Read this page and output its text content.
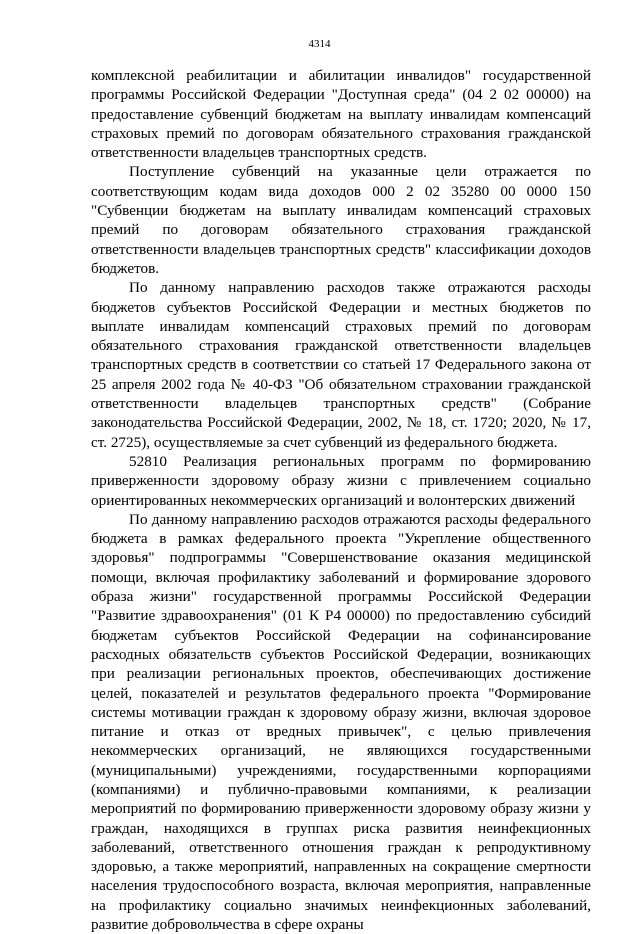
4314

комплексной реабилитации и абилитации инвалидов" государственной программы Российской Федерации "Доступная среда" (04 2 02 00000) на предоставление субвенций бюджетам на выплату инвалидам компенсаций страховых премий по договорам обязательного страхования гражданской ответственности владельцев транспортных средств.

Поступление субвенций на указанные цели отражается по соответствующим кодам вида доходов 000 2 02 35280 00 0000 150 "Субвенции бюджетам на выплату инвалидам компенсаций страховых премий по договорам обязательного страхования гражданской ответственности владельцев транспортных средств" классификации доходов бюджетов.

По данному направлению расходов также отражаются расходы бюджетов субъектов Российской Федерации и местных бюджетов по выплате инвалидам компенсаций страховых премий по договорам обязательного страхования гражданской ответственности владельцев транспортных средств в соответствии со статьей 17 Федерального закона от 25 апреля 2002 года № 40-ФЗ "Об обязательном страховании гражданской ответственности владельцев транспортных средств" (Собрание законодательства Российской Федерации, 2002, № 18, ст. 1720; 2020, № 17, ст. 2725), осуществляемые за счет субвенций из федерального бюджета.

52810 Реализация региональных программ по формированию приверженности здоровому образу жизни с привлечением социально ориентированных некоммерческих организаций и волонтерских движений

По данному направлению расходов отражаются расходы федерального бюджета в рамках федерального проекта "Укрепление общественного здоровья" подпрограммы "Совершенствование оказания медицинской помощи, включая профилактику заболеваний и формирование здорового образа жизни" государственной программы Российской Федерации "Развитие здравоохранения" (01 К Р4 00000) по предоставлению субсидий бюджетам субъектов Российской Федерации на софинансирование расходных обязательств субъектов Российской Федерации, возникающих при реализации региональных проектов, обеспечивающих достижение целей, показателей и результатов федерального проекта "Формирование системы мотивации граждан к здоровому образу жизни, включая здоровое питание и отказ от вредных привычек", с целью привлечения некоммерческих организаций, не являющихся государственными (муниципальными) учреждениями, государственными корпорациями (компаниями) и публично-правовыми компаниями, к реализации мероприятий по формированию приверженности здоровому образу жизни у граждан, находящихся в группах риска развития неинфекционных заболеваний, ответственного отношения граждан к репродуктивному здоровью, а также мероприятий, направленных на сокращение смертности населения трудоспособного возраста, включая мероприятия, направленные на профилактику социально значимых неинфекционных заболеваний, развитие добровольчества в сфере охраны
